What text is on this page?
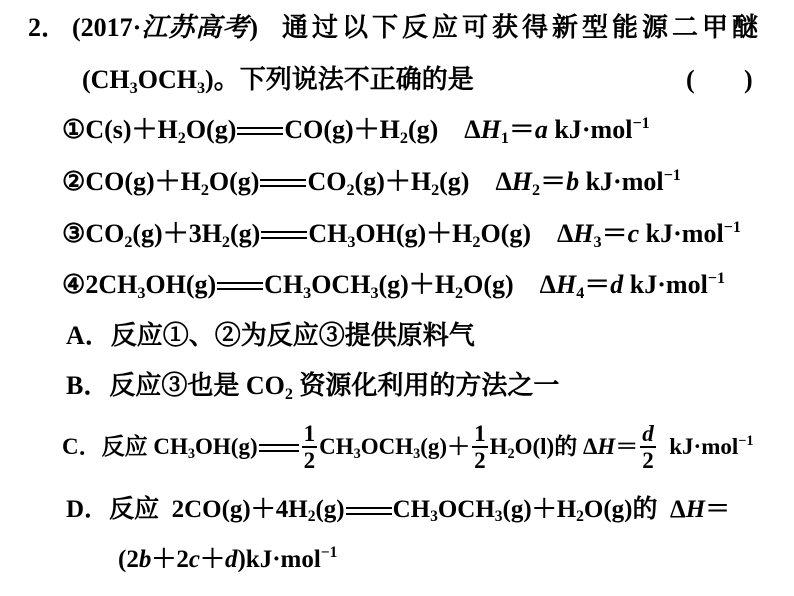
2． (2017· 江苏高考 ) 通过以下反应可获得新型能源二甲醚
(CH 3 OCH 3 ) 。下列说法不正确的是	( )
① C(s)＋H 2 O(g) CO(g)＋H 2 (g) Δ H 1 ＝ a kJ·mol −1
② CO(g)＋H 2 O(g) CO 2 (g)＋H 2 (g) Δ H 2 ＝ b kJ·mol −1
③ CO 2 (g)＋3H 2 (g) CH 3 OH(g)＋H 2 O(g) Δ H 3 ＝ c kJ·mol −1
④ 2CH 3 OH(g) CH 3 OCH 3 (g)＋H 2 O(g) Δ H 4 ＝ d kJ·mol −1
A． 反应①、②为反应③提供原料气
B． 反应③也是 CO 2 资源化利用的方法之一
C． 反应 CH 3 $OH(g) \frac{1}{2}$ CH 3 OCH 3 $(g)+ \frac{1}{2}$ H 2 O(l)的 Δ $H = \frac{d}{2} kJ\cdot mol -1$
D． 反应 2CO(g)＋4H 2 (g) CH 3 OCH 3 (g)＋H 2 O(g) 的 Δ H ＝
(2 b ＋2 c ＋ d )kJ·mol −1
